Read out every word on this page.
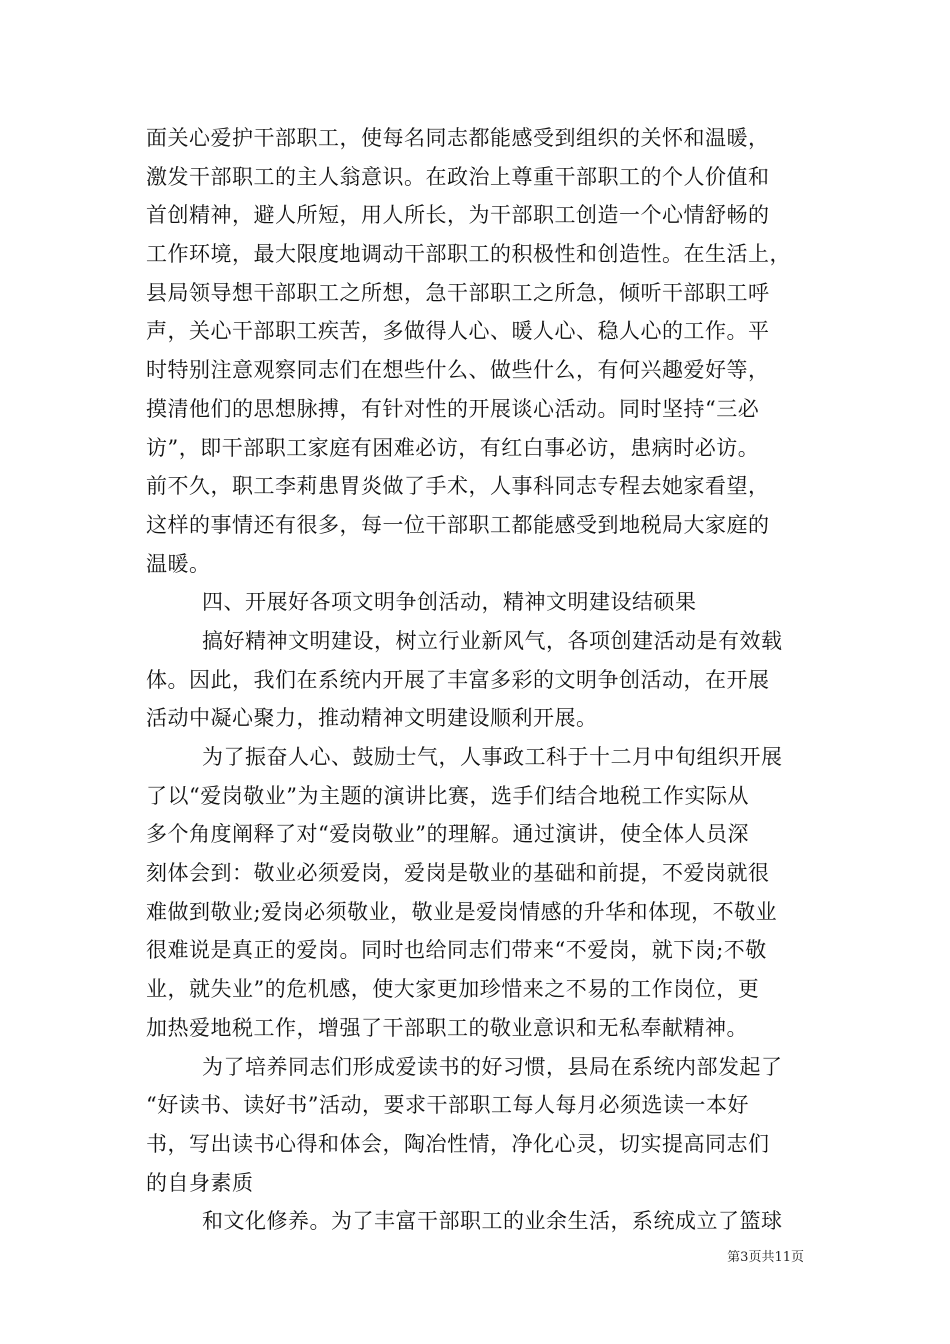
面关心爱护干部职工，使每名同志都能感受到组织的关怀和温暖，
激发干部职工的主人翁意识。在政治上尊重干部职工的个人价值和
首创精神，避人所短，用人所长，为干部职工创造一个心情舒畅的
工作环境，最大限度地调动干部职工的积极性和创造性。在生活上，
县局领导想干部职工之所想，急干部职工之所急，倾听干部职工呼
声，关心干部职工疾苦，多做得人心、暖人心、稳人心的工作。平
时特别注意观察同志们在想些什么、做些什么，有何兴趣爱好等，
摸清他们的思想脉搏，有针对性的开展谈心活动。同时坚持“三必
访”，即干部职工家庭有困难必访，有红白事必访，患病时必访。
前不久，职工李莉患胃炎做了手术，人事科同志专程去她家看望，
这样的事情还有很多，每一位干部职工都能感受到地税局大家庭的
温暖。
四、开展好各项文明争创活动，精神文明建设结硕果
搞好精神文明建设，树立行业新风气，各项创建活动是有效载
体。因此，我们在系统内开展了丰富多彩的文明争创活动，在开展
活动中凝心聚力，推动精神文明建设顺利开展。
为了振奋人心、鼓励士气，人事政工科于十二月中旬组织开展
了以“爱岗敬业”为主题的演讲比赛，选手们结合地税工作实际从
多个角度阐释了对“爱岗敬业”的理解。通过演讲，使全体人员深
刻体会到：敬业必须爱岗，爱岗是敬业的基础和前提，不爱岗就很
难做到敬业;爱岗必须敬业，敬业是爱岗情感的升华和体现，不敬业
很难说是真正的爱岗。同时也给同志们带来“不爱岗，就下岗;不敬
业，就失业”的危机感，使大家更加珍惜来之不易的工作岗位，更
加热爱地税工作，增强了干部职工的敬业意识和无私奉献精神。
为了培养同志们形成爱读书的好习惯，县局在系统内部发起了
“好读书、读好书”活动，要求干部职工每人每月必须选读一本好
书，写出读书心得和体会，陶冶性情，净化心灵，切实提高同志们
的自身素质
和文化修养。为了丰富干部职工的业余生活，系统成立了篮球
第3页共11页
